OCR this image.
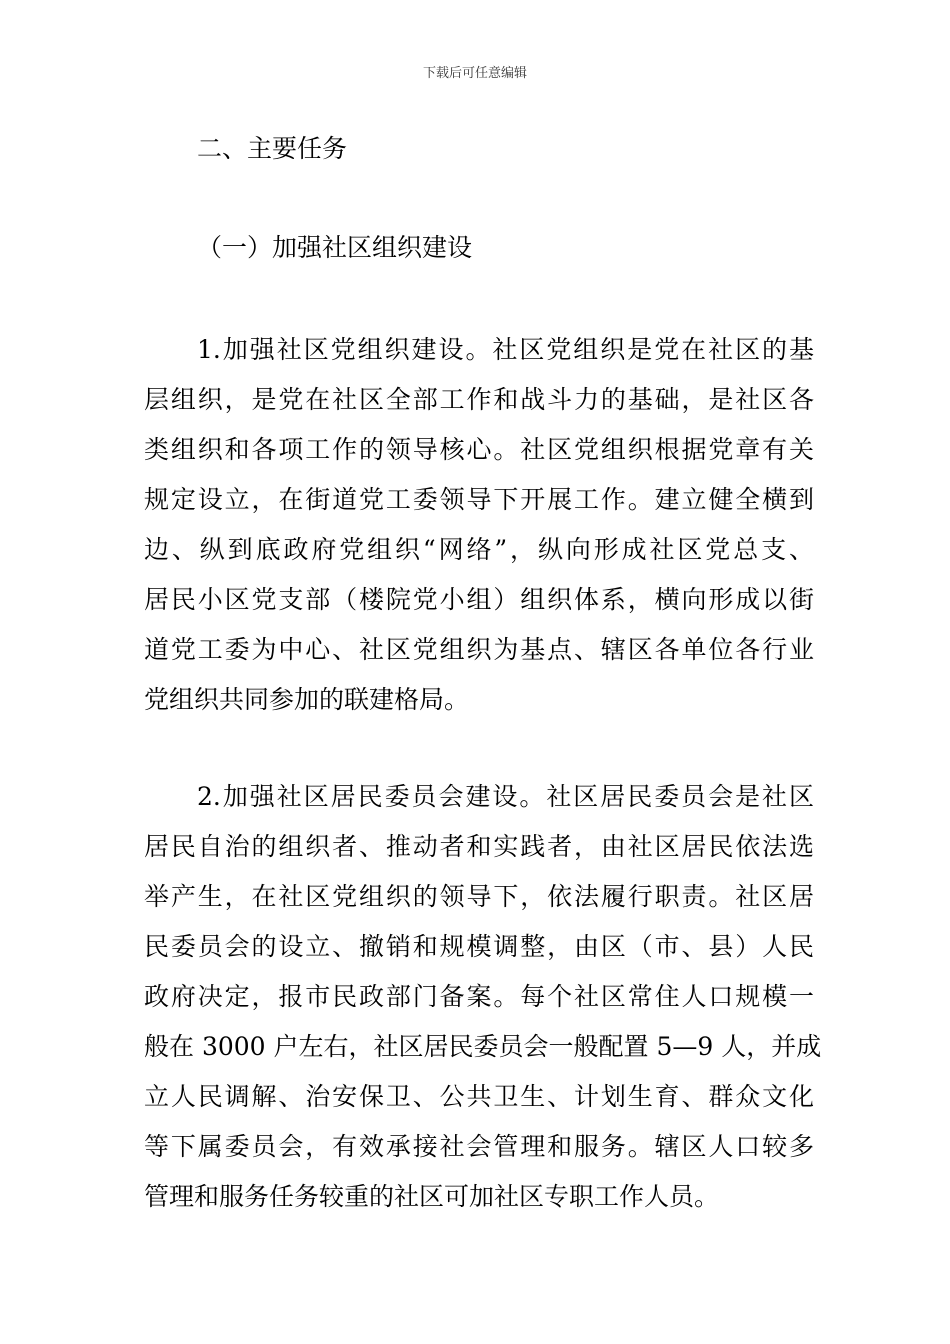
下载后可任意编辑
二、主要任务
（一）加强社区组织建设
1.加强社区党组织建设。社区党组织是党在社区的基
层组织，是党在社区全部工作和战斗力的基础，是社区各
类组织和各项工作的领导核心。社区党组织根据党章有关
规定设立，在街道党工委领导下开展工作。建立健全横到
边、纵到底政府党组织“网络”，纵向形成社区党总支、
居民小区党支部（楼院党小组）组织体系，横向形成以街
道党工委为中心、社区党组织为基点、辖区各单位各行业
党组织共同参加的联建格局。
2.加强社区居民委员会建设。社区居民委员会是社区
居民自治的组织者、推动者和实践者，由社区居民依法选
举产生，在社区党组织的领导下，依法履行职责。社区居
民委员会的设立、撤销和规模调整，由区（市、县）人民
政府决定，报市民政部门备案。每个社区常住人口规模一
般在 3000 户左右，社区居民委员会一般配置 5—9 人，并成
立人民调解、治安保卫、公共卫生、计划生育、群众文化
等下属委员会，有效承接社会管理和服务。辖区人口较多
管理和服务任务较重的社区可加社区专职工作人员。
